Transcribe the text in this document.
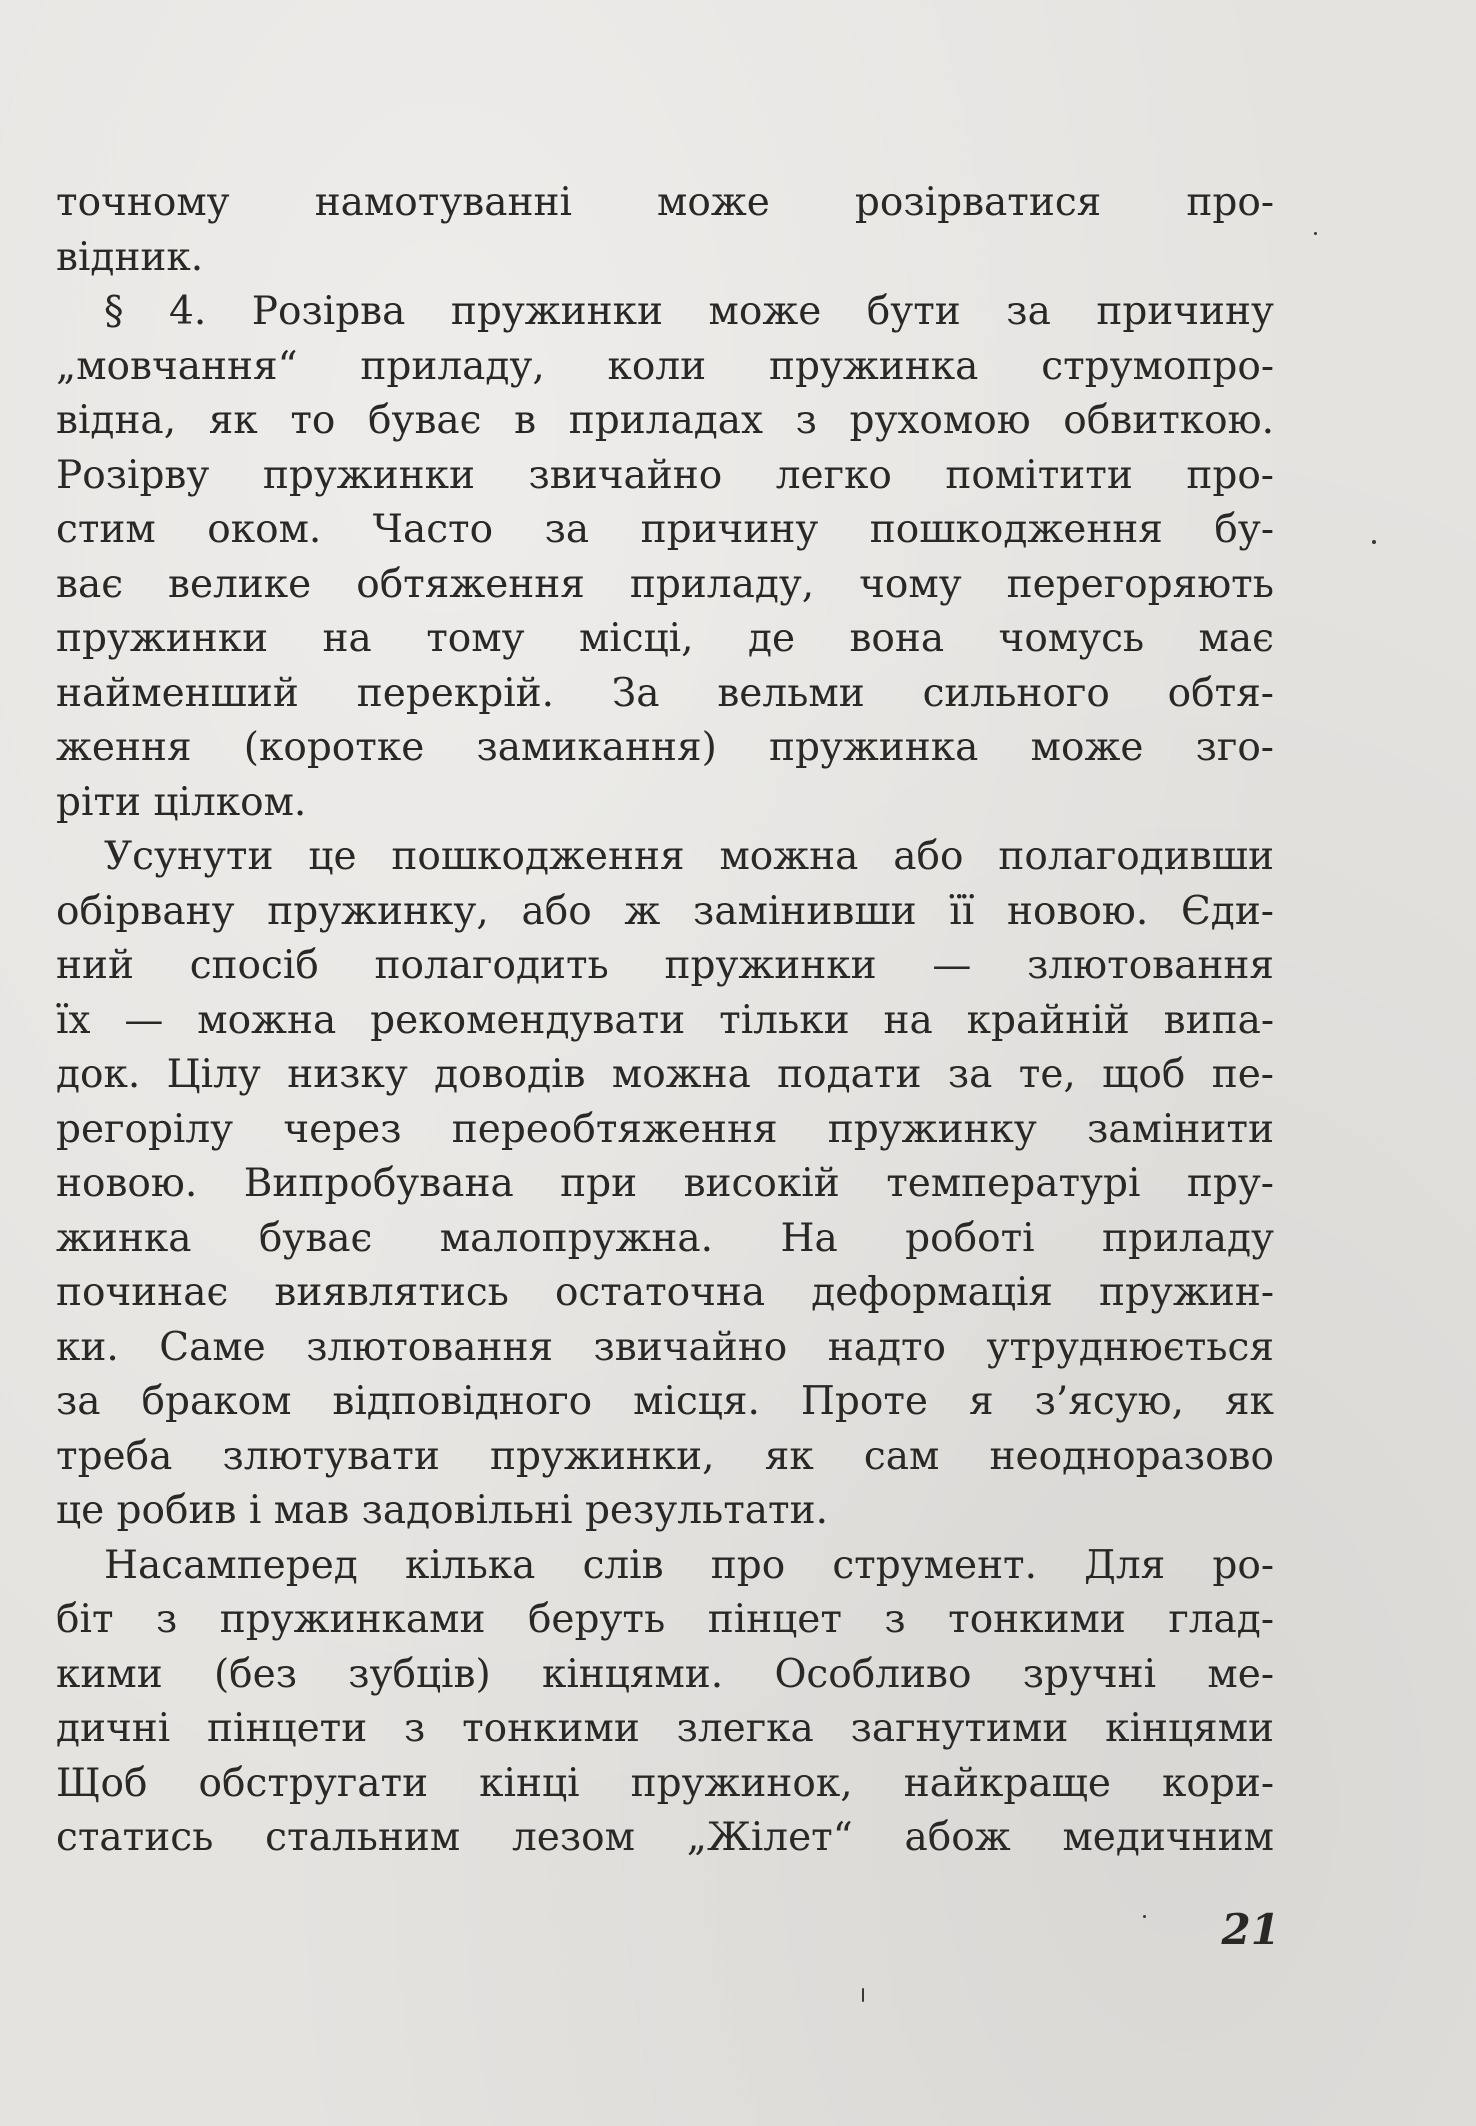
точному намотуванні може розірватися про-
відник.
§ 4. Розірва пружинки може бути за причину
„мовчання“ приладу, коли пружинка струмопро-
відна, як то буває в приладах з рухомою обвиткою.
Розірву пружинки звичайно легко помітити про-
стим оком. Часто за причину пошкодження бу-
ває велике обтяження приладу, чому перегоряють
пружинки на тому місці, де вона чомусь має
найменший перекрій. За вельми сильного обтя-
ження (коротке замикання) пружинка може зго-
ріти цілком.
Усунути це пошкодження можна або полагодивши
обірвану пружинку, або ж замінивши її новою. Єди-
ний спосіб полагодить пружинки — злютовання
їх — можна рекомендувати тільки на крайній випа-
док. Цілу низку доводів можна подати за те, щоб пе-
регорілу через переобтяження пружинку замінити
новою. Випробувана при високій температурі пру-
жинка буває малопружна. На роботі приладу
починає виявлятись остаточна деформація пружин-
ки. Саме злютовання звичайно надто утруднюється
за браком відповідного місця. Проте я з’ясую, як
треба злютувати пружинки, як сам неодноразово
це робив і мав задовільні результати.
Насамперед кілька слів про струмент. Для ро-
біт з пружинками беруть пінцет з тонкими глад-
кими (без зубців) кінцями. Особливо зручні ме-
дичні пінцети з тонкими злегка загнутими кінцями
Щоб обстругати кінці пружинок, найкраще кори-
статись стальним лезом „Жілет“ абож медичним
21
